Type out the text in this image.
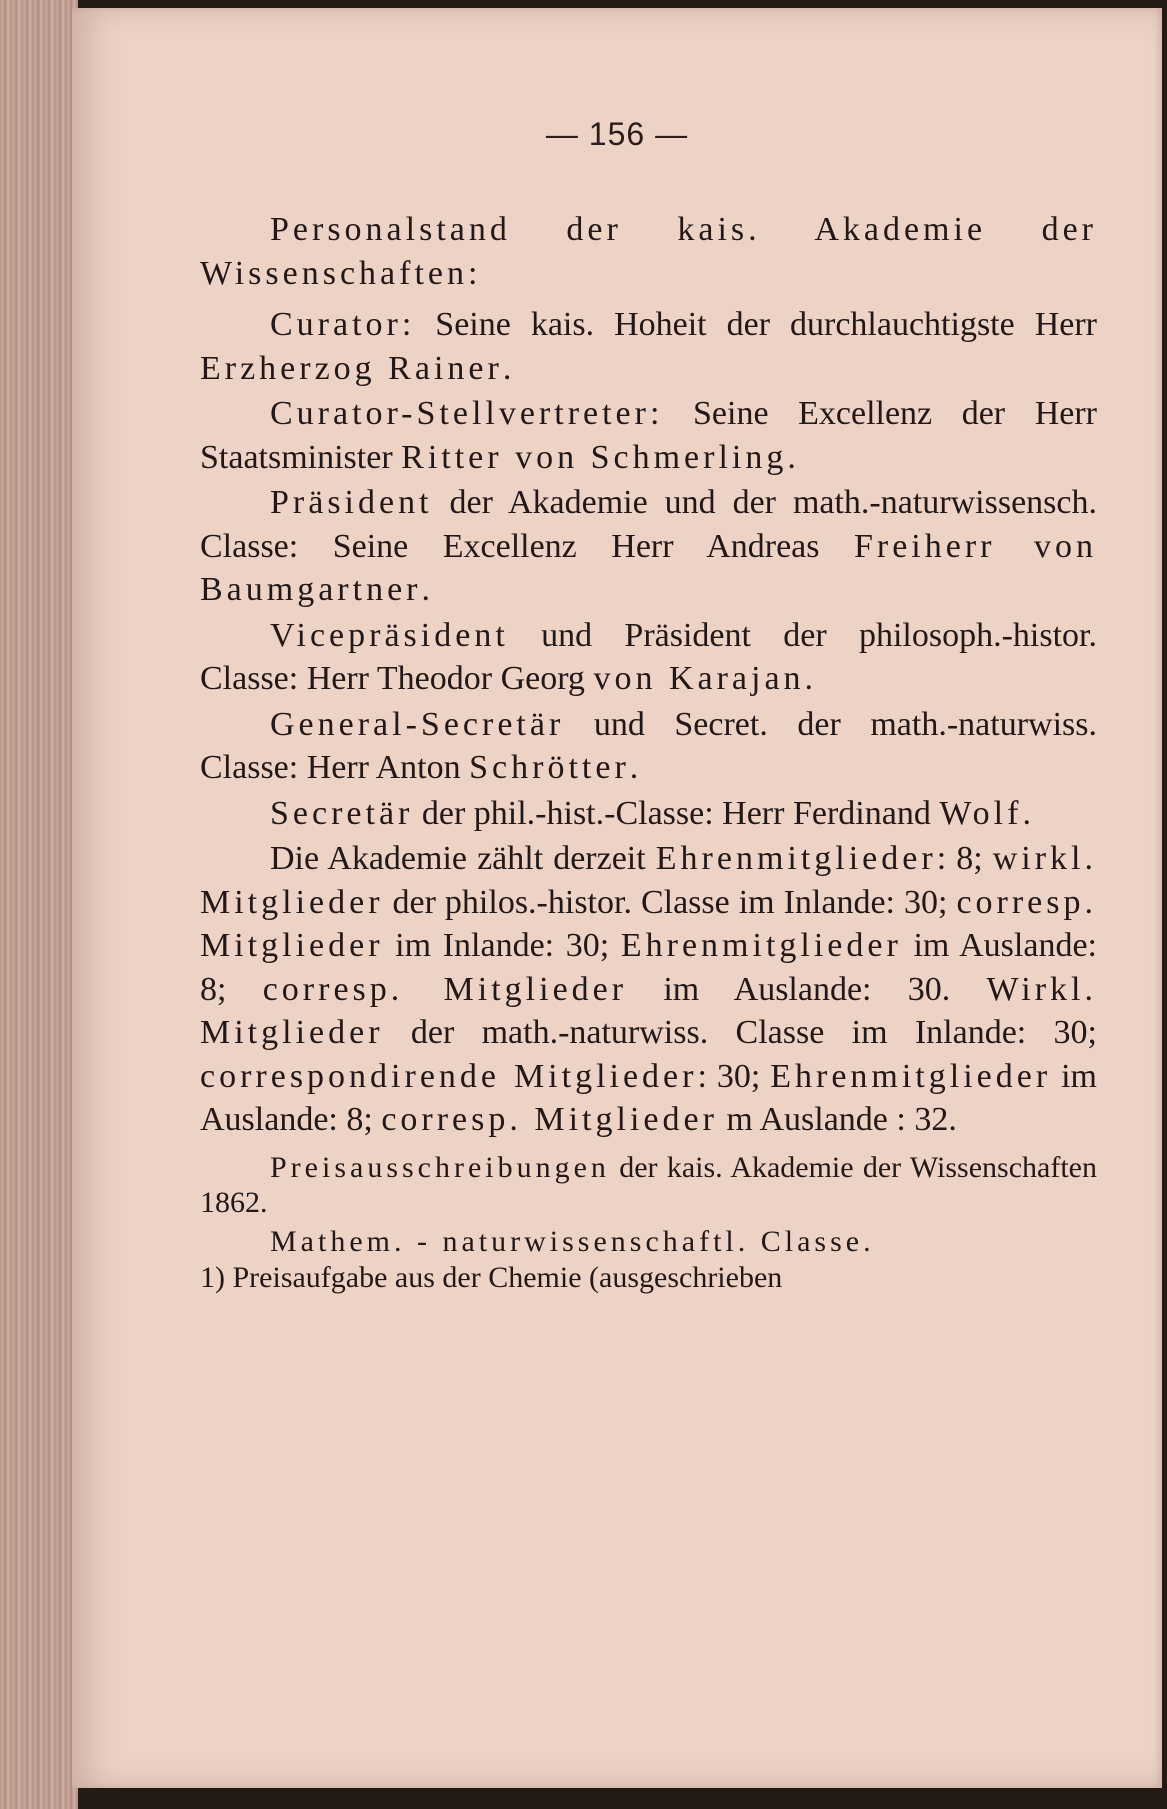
— 156 —

Personalstand der kais. Akademie der Wissenschaften:

Curator: Seine kais. Hoheit der durchlauchtigste Herr Erzherzog Rainer.

Curator-Stellvertreter: Seine Excellenz der Herr Staatsminister Ritter von Schmerling.

Präsident der Akademie und der math.-naturwissensch. Classe: Seine Excellenz Herr Andreas Freiherr von Baumgartner.

Vicepräsident und Präsident der philosoph.-histor. Classe: Herr Theodor Georg von Karajan.

General-Secretär und Secret. der math.-naturwiss. Classe: Herr Anton Schrötter.

Secretär der phil.-hist.-Classe: Herr Ferdinand Wolf.

Die Akademie zählt derzeit Ehrenmitglieder: 8; wirkl. Mitglieder der philos.-histor. Classe im Inlande: 30; corresp. Mitglieder im Inlande: 30; Ehrenmitglieder im Auslande: 8; corresp. Mitglieder im Auslande: 30. Wirkl. Mitglieder der math.-naturwiss. Classe im Inlande: 30; correspondirende Mitglieder: 30; Ehrenmitglieder im Auslande: 8; corresp. Mitglieder m Auslande : 32.

Preisausschreibungen der kais. Akademie der Wissenschaften 1862.

Mathem. - naturwissenschaftl. Classe.

1) Preisaufgabe aus der Chemie (ausgeschrieben
